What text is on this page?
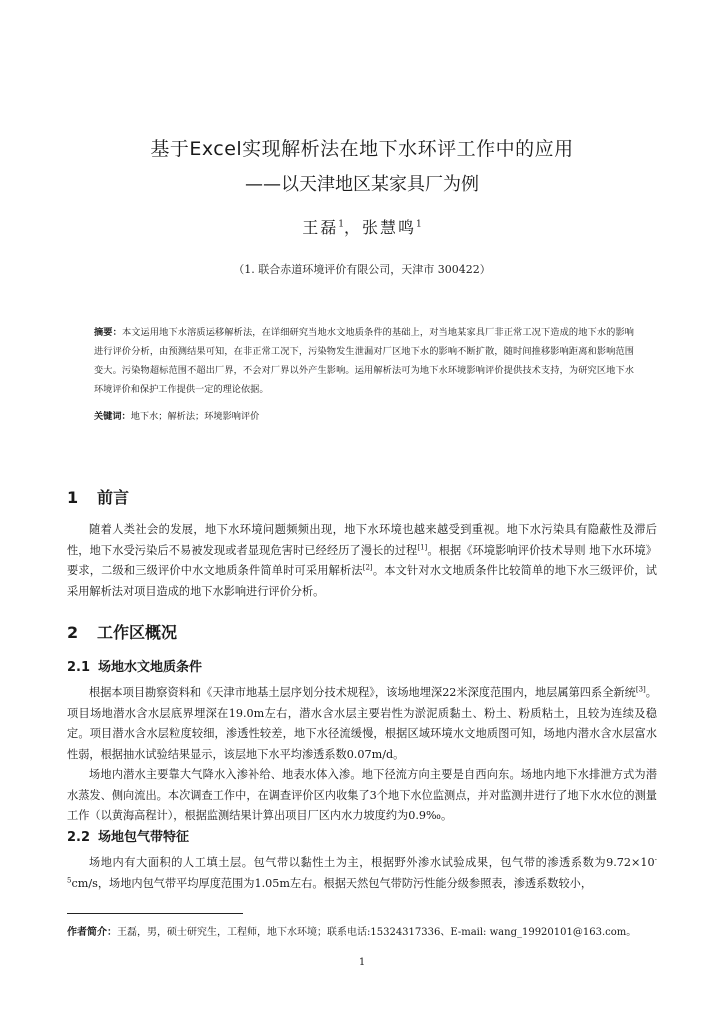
基于Excel实现解析法在地下水环评工作中的应用
——以天津地区某家具厂为例
王磊$^1$，张慧鸣$^1$
（1. 联合赤道环境评价有限公司，天津市 300422）
摘要：本文运用地下水溶质运移解析法，在详细研究当地水文地质条件的基础上，对当地某家具厂非正常工况下造成的地下水的影响进行评价分析，由预测结果可知，在非正常工况下，污染物发生泄漏对厂区地下水的影响不断扩散，随时间推移影响距离和影响范围变大。污染物超标范围不超出厂界，不会对厂界以外产生影响。运用解析法可为地下水环境影响评价提供技术支持，为研究区地下水环境评价和保护工作提供一定的理论依据。
关键词：地下水；解析法；环境影响评价
1 前言

随着人类社会的发展，地下水环境问题频频出现，地下水环境也越来越受到重视。地下水污染具有隐蔽性及滞后性，地下水受污染后不易被发现或者显现危害时已经经历了漫长的过程[1]。根据《环境影响评价技术导则 地下水环境》要求，二级和三级评价中水文地质条件简单时可采用解析法[2]。本文针对水文地质条件比较简单的地下水三级评价，试采用解析法对项目造成的地下水影响进行评价分析。

2 工作区概况
2.1 场地水文地质条件

根据本项目勘察资料和《天津市地基土层序划分技术规程》，该场地埋深22米深度范围内，地层属第四系全新统[3]。项目场地潜水含水层底界埋深在19.0m左右，潜水含水层主要岩性为淤泥质黏土、粉土、粉质粘土，且较为连续及稳定。项目潜水含水层粒度较细，渗透性较差，地下水径流缓慢，根据区域环境水文地质图可知，场地内潜水含水层富水性弱，根据抽水试验结果显示，该层地下水平均渗透系数0.07m/d。

场地内潜水主要靠大气降水入渗补给、地表水体入渗。地下径流方向主要是自西向东。场地内地下水排泄方式为潜水蒸发、侧向流出。本次调查工作中，在调查评价区内收集了3个地下水位监测点，并对监测井进行了地下水水位的测量工作（以黄海高程计），根据监测结果计算出项目厂区内水力坡度约为0.9‰。

2.2 场地包气带特征

场地内有大面积的人工填土层。包气带以黏性土为主，根据野外渗水试验成果，包气带的渗透系数为$9.72\times 10^{-5}cm/s$，场地内包气带平均厚度范围为1.05m左右。根据天然包气带防污性能分级参照表，渗透系数较小，

作者简介：王磊，男，硕士研究生，工程师，地下水环境；联系电话:15324317336、E-mail: wang_19920101@163.com。
1
